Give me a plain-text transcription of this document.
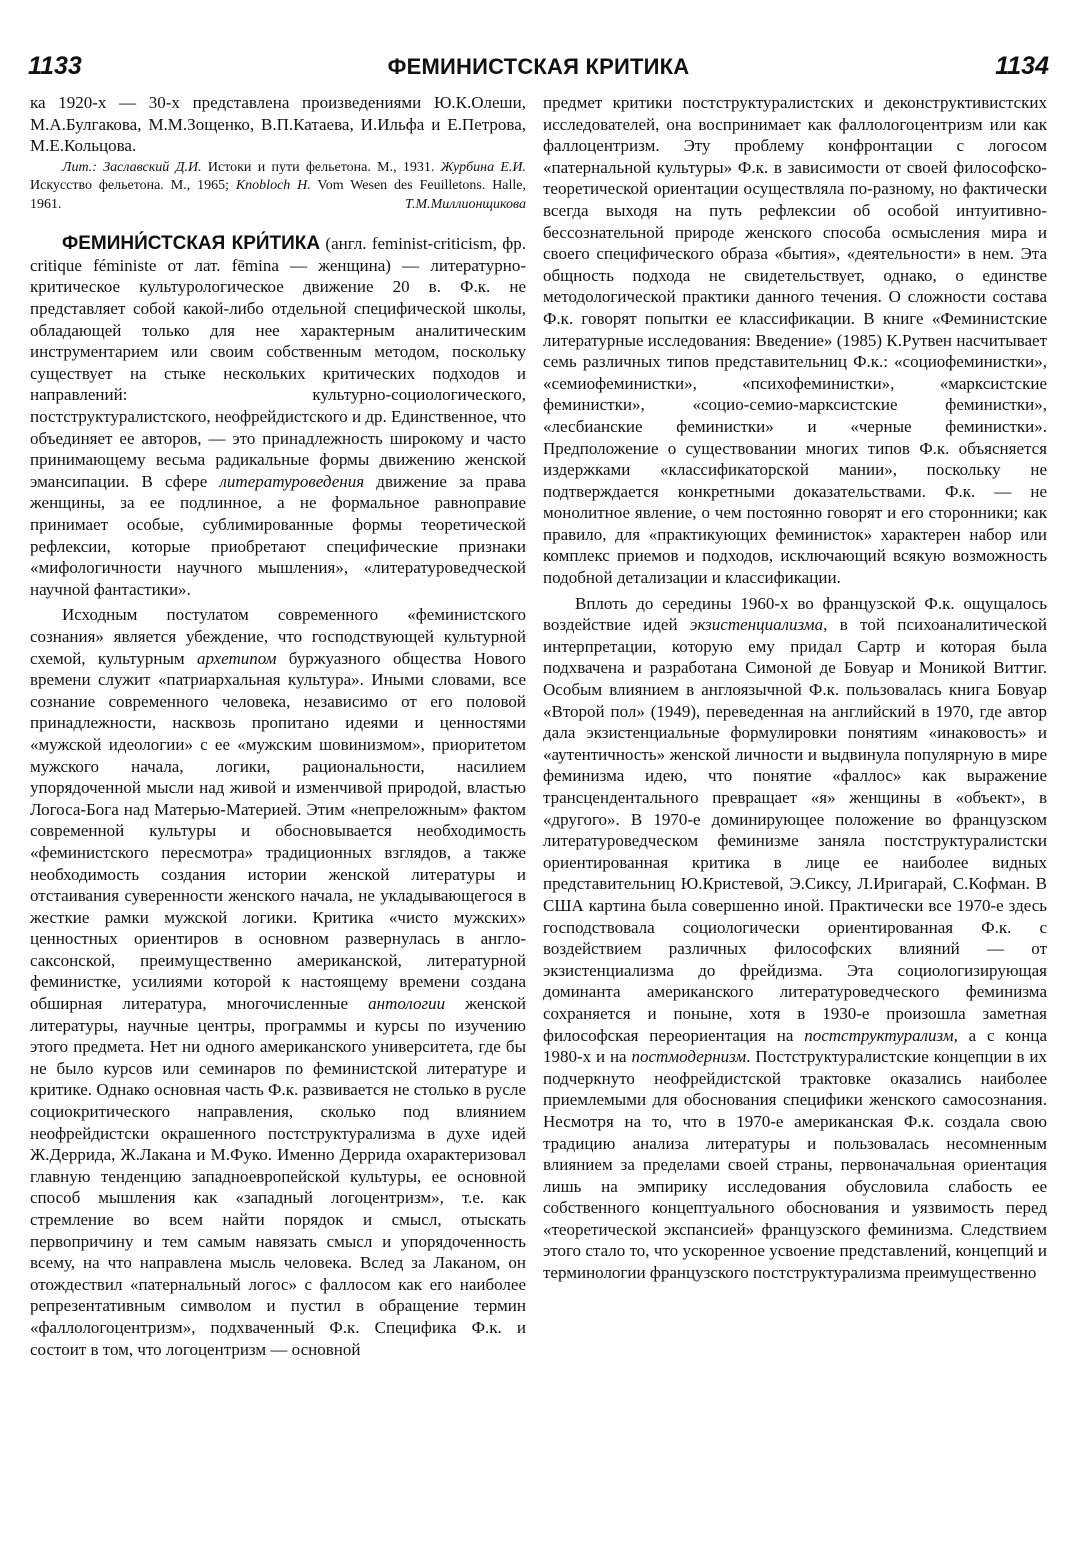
1133	ФЕМИНИСТСКАЯ КРИТИКА	1134

ка 1920-х — 30-х представлена произведениями Ю.К.Олеши, М.А.Булгакова, М.М.Зощенко, В.П.Катаева, И.Ильфа и Е.Петрова, М.Е.Кольцова.

Лит.: Заславский Д.И. Истоки и пути фельетона. М., 1931. Журбина Е.И. Искусство фельетона. М., 1965; Knobloch H. Vom Wesen des Feuilletons. Halle, 1961.	Т.М.Миллионщикова

ФЕМИНИ́СТСКАЯ КРИ́ТИКА (англ. feminist-criticism, фр. critique féministe от лат. fēmina — женщина) — литературно-критическое культурологическое движение 20 в. Ф.к. не представляет собой какой-либо отдельной специфической школы, обладающей только для нее характерным аналитическим инструментарием или своим собственным методом, поскольку существует на стыке нескольких критических подходов и направлений: культурно-социологического, постструктуралистского, неофрейдистского и др. Единственное, что объединяет ее авторов, — это принадлежность широкому и часто принимающему весьма радикальные формы движению женской эмансипации. В сфере литературоведения движение за права женщины, за ее подлинное, а не формальное равноправие принимает особые, сублимированные формы теоретической рефлексии, которые приобретают специфические признаки «мифологичности научного мышления», «литературоведческой научной фантастики».

Исходным постулатом современного «феминистского сознания» является убеждение, что господствующей культурной схемой, культурным архетипом буржуазного общества Нового времени служит «патриархальная культура». Иными словами, все сознание современного человека, независимо от его половой принадлежности, насквозь пропитано идеями и ценностями «мужской идеологии» с ее «мужским шовинизмом», приоритетом мужского начала, логики, рациональности, насилием упорядоченной мысли над живой и изменчивой природой, властью Логоса-Бога над Матерью-Материей. Этим «непреложным» фактом современной культуры и обосновывается необходимость «феминистского пересмотра» традиционных взглядов, а также необходимость создания истории женской литературы и отстаивания суверенности женского начала, не укладывающегося в жесткие рамки мужской логики. Критика «чисто мужских» ценностных ориентиров в основном развернулась в англо-саксонской, преимущественно американской, литературной феминистке, усилиями которой к настоящему времени создана обширная литература, многочисленные антологии женской литературы, научные центры, программы и курсы по изучению этого предмета. Нет ни одного американского университета, где бы не было курсов или семинаров по феминистской литературе и критике. Однако основная часть Ф.к. развивается не столько в русле социокритического направления, сколько под влиянием неофрейдистски окрашенного постструктурализма в духе идей Ж.Деррида, Ж.Лакана и М.Фуко. Именно Деррида охарактеризовал главную тенденцию западноевропейской культуры, ее основной способ мышления как «западный логоцентризм», т.е. как стремление во всем найти порядок и смысл, отыскать первопричину и тем самым навязать смысл и упорядоченность всему, на что направлена мысль человека. Вслед за Лаканом, он отождествил «патернальный логос» с фаллосом как его наиболее репрезентативным символом и пустил в обращение термин «фаллологоцентризм», подхваченный Ф.к. Специфика Ф.к. и состоит в том, что логоцентризм — основной

предмет критики постструктуралистских и деконструктивистских исследователей, она воспринимает как фаллологоцентризм или как фаллоцентризм. Эту проблему конфронтации с логосом «патернальной культуры» Ф.к. в зависимости от своей философско-теоретической ориентации осуществляла по-разному, но фактически всегда выходя на путь рефлексии об особой интуитивно-бессознательной природе женского способа осмысления мира и своего специфического образа «бытия», «деятельности» в нем. Эта общность подхода не свидетельствует, однако, о единстве методологической практики данного течения. О сложности состава Ф.к. говорят попытки ее классификации. В книге «Феминистские литературные исследования: Введение» (1985) К.Рутвен насчитывает семь различных типов представительниц Ф.к.: «социофеминистки», «семиофеминистки», «психофеминистки», «марксистские феминистки», «социо-семио-марксистские феминистки», «лесбианские феминистки» и «черные феминистки». Предположение о существовании многих типов Ф.к. объясняется издержками «классификаторской мании», поскольку не подтверждается конкретными доказательствами. Ф.к. — не монолитное явление, о чем постоянно говорят и его сторонники; как правило, для «практикующих феминисток» характерен набор или комплекс приемов и подходов, исключающий всякую возможность подобной детализации и классификации.

Вплоть до середины 1960-х во французской Ф.к. ощущалось воздействие идей экзистенциализма, в той психоаналитической интерпретации, которую ему придал Сартр и которая была подхвачена и разработана Симоной де Бовуар и Моникой Виттиг. Особым влиянием в англоязычной Ф.к. пользовалась книга Бовуар «Второй пол» (1949), переведенная на английский в 1970, где автор дала экзистенциальные формулировки понятиям «инаковость» и «аутентичность» женской личности и выдвинула популярную в мире феминизма идею, что понятие «фаллос» как выражение трансцендентального превращает «я» женщины в «объект», в «другого». В 1970-е доминирующее положение во французском литературоведческом феминизме заняла постструктуралистски ориентированная критика в лице ее наиболее видных представительниц Ю.Кристевой, Э.Сиксу, Л.Иригарай, С.Кофман. В США картина была совершенно иной. Практически все 1970-е здесь господствовала социологически ориентированная Ф.к. с воздействием различных философских влияний — от экзистенциализма до фрейдизма. Эта социологизирующая доминанта американского литературоведческого феминизма сохраняется и поныне, хотя в 1930-е произошла заметная философская переориентация на постструктурализм, а с конца 1980-х и на постмодернизм. Постструктуралистские концепции в их подчеркнуто неофрейдистской трактовке оказались наиболее приемлемыми для обоснования специфики женского самосознания. Несмотря на то, что в 1970-е американская Ф.к. создала свою традицию анализа литературы и пользовалась несомненным влиянием за пределами своей страны, первоначальная ориентация лишь на эмпирику исследования обусловила слабость ее собственного концептуального обоснования и уязвимость перед «теоретической экспансией» французского феминизма. Следствием этого стало то, что ускоренное усвоение представлений, концепций и терминологии французского постструктурализма преимущественно
